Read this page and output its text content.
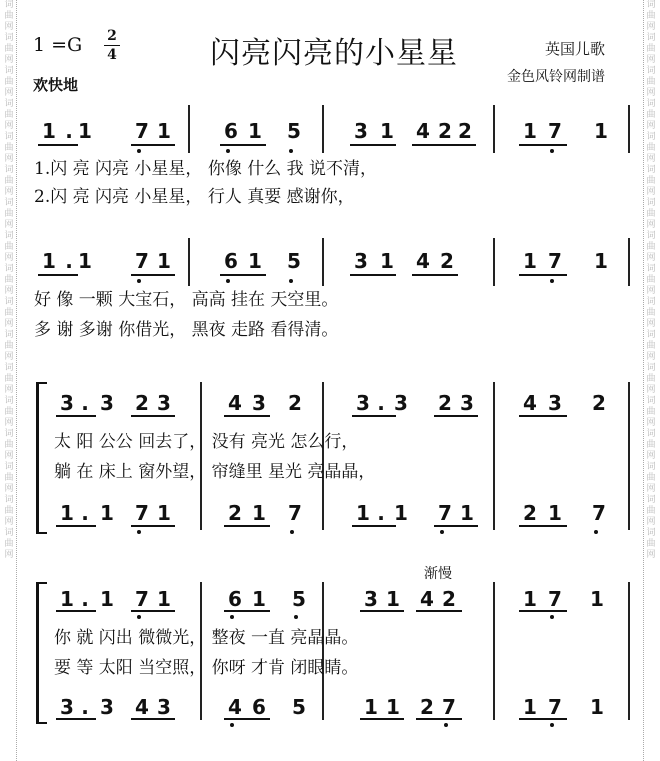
词
曲
网
词
曲
网
词
曲
网
词
曲
网
词
曲
网
词
曲
网
词
曲
网
词
曲
网
词
曲
网
词
曲
网
词
曲
网
词
曲
网
词
曲
网
词
曲
网
词
曲
网
词
曲
网
词
曲
网
词
曲
网
词
曲
网
词
曲
网
词
曲
网
词
曲
网
词
曲
网
词
曲
网
词
曲
网
词
曲
网
词
曲
网
词
曲
网
词
曲
网
词
曲
网
词
曲
网
词
曲
网
词
曲
网
词
曲
网
1 =G 2
4
欢快地
闪亮闪亮的小星星	英国儿歌
金色风铃网制谱
渐慢
1 . 1 7 1	6 1 5	3 1 4 2 2	1 7 1
1.闪 亮 闪亮 小星星， 你像 什么 我 说不清，
2.闪 亮 闪亮 小星星， 行人 真要 感谢你，
1 . 1 7 1	6 1 5	3 1 4 2	1 7 1
好 像 一颗 大宝石， 高高 挂在 天空里。
多 谢 多谢 你借光， 黑夜 走路 看得清。
3 . 3 2 3	4 3 2	3 . 3 2 3 4 3 2
太 阳 公公 回去了， 没有 亮光 怎么行，
躺 在 床上 窗外望， 帘缝里 星光 亮晶晶，
1 . 1 7 1	2 1 7	1 . 1 7 1 2 1 7
1 . 1 7 1	6 1 5	3 1 4 2	1 7 1
你 就 闪出 微微光， 整夜 一直 亮晶晶。
要 等 太阳 当空照， 你呀 才肯 闭眼睛。
3 . 3 4 3	4 6 5	1 1 2 7	1 7 1
